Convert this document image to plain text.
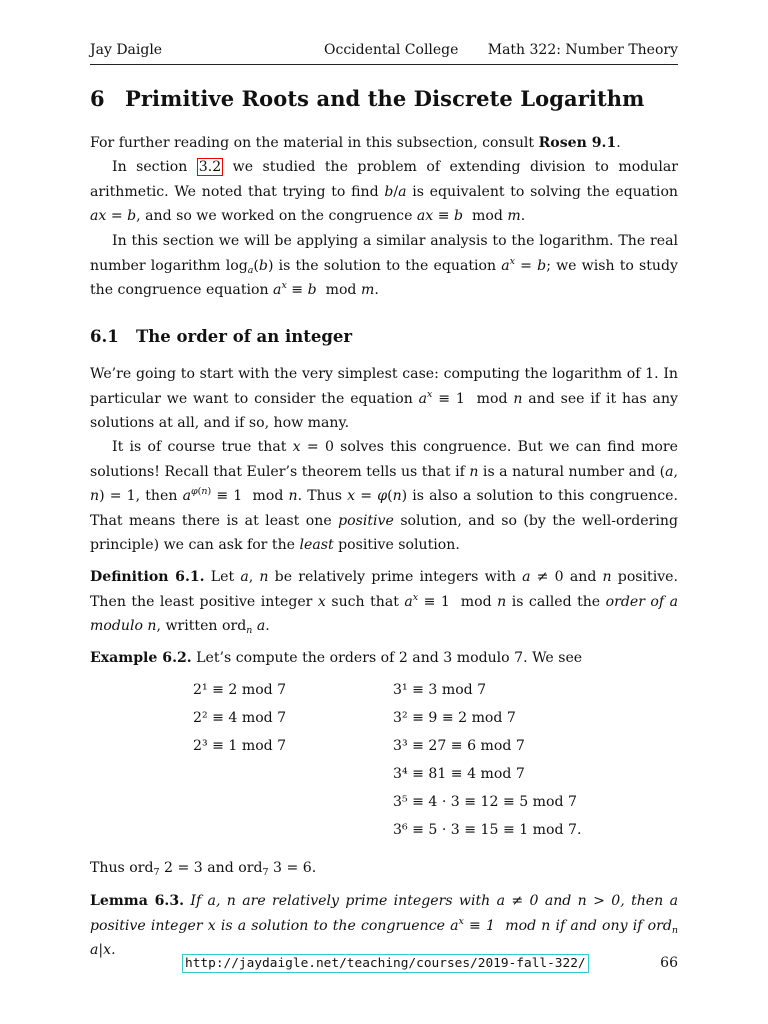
Jay Daigle	Occidental College Math 322: Number Theory
6 Primitive Roots and the Discrete Logarithm

For further reading on the material in this subsection, consult Rosen 9.1.

In section 3.2 we studied the problem of extending division to modular arithmetic. We noted that trying to find b/a is equivalent to solving the equation ax = b, and so we worked on the congruence ax ≡ b  mod m.

In this section we will be applying a similar analysis to the logarithm. The real number logarithm $\log_a(b)$ is the solution to the equation $a^x = b$; we wish to study the congruence equation $a^x \equiv b$  mod m.

6.1 The order of an integer

We’re going to start with the very simplest case: computing the logarithm of 1. In particular we want to consider the equation $a^x \equiv 1$  mod n and see if it has any solutions at all, and if so, how many.

It is of course true that x = 0 solves this congruence. But we can find more solutions! Recall that Euler’s theorem tells us that if n is a natural number and (a, n) = 1, then $a^{\varphi(n)} \equiv 1$  mod n. Thus x = φ(n) is also a solution to this congruence. That means there is at least one positive solution, and so (by the well-ordering principle) we can ask for the least positive solution.

Definition 6.1. Let a, n be relatively prime integers with a ≠ 0 and n positive. Then the least positive integer x such that $a^x \equiv 1$  mod n is called the order of a modulo n, written ord$_n$ a.

Example 6.2. Let’s compute the orders of 2 and 3 modulo 7. We see

2¹ ≡ 2 mod 7
2² ≡ 4 mod 7
2³ ≡ 1 mod 7
3¹ ≡ 3 mod 7
3² ≡ 9 ≡ 2 mod 7
3³ ≡ 27 ≡ 6 mod 7
3⁴ ≡ 81 ≡ 4 mod 7
3⁵ ≡ 4 · 3 ≡ 12 ≡ 5 mod 7
3⁶ ≡ 5 · 3 ≡ 15 ≡ 1 mod 7.

Thus ord$_7$ 2 = 3 and ord$_7$ 3 = 6.

Lemma 6.3. If a, n are relatively prime integers with a ≠ 0 and n > 0, then a positive integer x is a solution to the congruence $a^x \equiv 1$  mod n if and ony if ord$_n$ a|x.

http://jaydaigle.net/teaching/courses/2019-fall-322/	66
